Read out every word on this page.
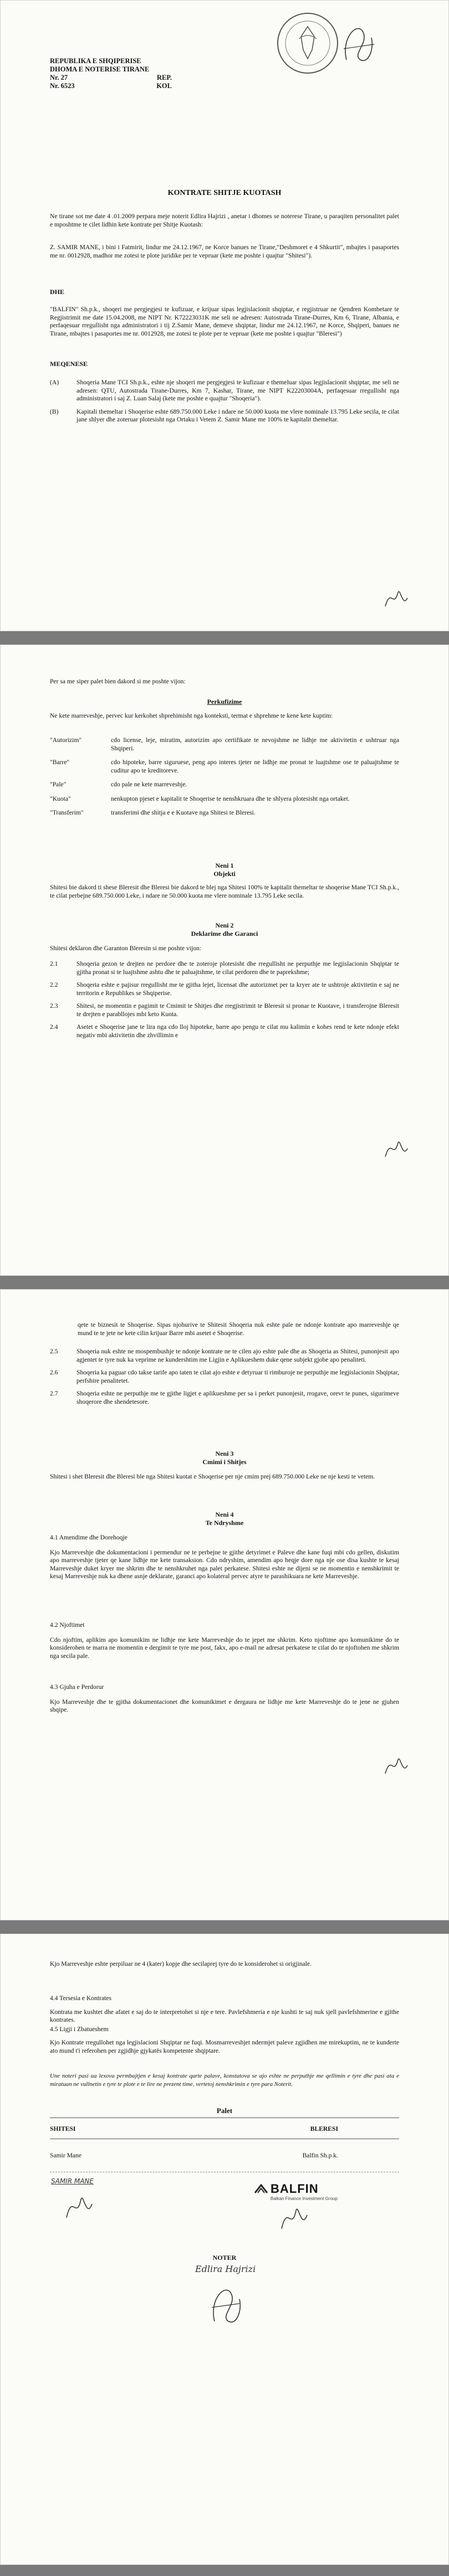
REPUBLIKA E SHQIPERISE
DHOMA E NOTERISE TIRANE
Nr. 27	REP.
Nr. 6523	KOL
KONTRATE SHITJE KUOTASH

Ne tirane sot me date 4 .01.2009 perpara meje noterit Edlira Hajrizi , anetar i dhomes se noterese Tirane, u paraqiten personalitet palet e mposhtme te cilet lidhin kete kontrate per Shitje Kuotash:

Z. SAMIR MANE, i bini i Fatmirit, lindur me 24.12.1967, ne Korce banues ne Tirane,"Deshmoret e 4 Shkurtit", mbajtes i pasaportes me nr. 0012928, madhor me zotesi te plote juridike per te vepruar (kete me poshte i quajtur "Shitesi").

DHE

"BALFIN" Sh.p.k., shoqeri me pergjegjesi te kufizuar, e krijuar sipas legjislacionit shqiptar, e regjistruar ne Qendren Kombetare te Regjistrimit me date 15.04.2008, me NIPT Nr. K72223031K me seli ne adresen: Autostrada Tirane-Durres, Km 6, Tirane, Albania, e perfaqesuar rregullisht nga administratori i tij Z.Samir Mane, demeve shqiptar, lindur me 24.12.1967, ne Korce, Shqiperi, banues ne Tirane, mbajtes i pasaportes me nr. 0012928, me zotesi te plote per te vepruar (kete me poshte i quajtur "Bleresi")

MEQENESE
(A)	Shoqeria Mane TCI Sh.p.k., eshte nje shoqeri me pergjegjesi te kufizuar e themeluar sipas legjislacionit shqiptar, me seli ne adresen: QTU, Autostrada Tirane-Durres, Km 7, Kashar, Tirane, me NIPT K22203004A, perfaqesuar rregullisht nga administratori i saj Z. Luan Salaj (kete me poshte e quajtur "Shoqeria").

(B)	Kapitali themeltar i Shoqerise eshte 689.750.000 Leke i ndare ne 50.000 kuota me vlere nominale 13.795 Leke secila, te cilat jane shlyer dhe zoteruar plotesisht nga Ortaku i Vetem Z. Samir Mane me 100% te kapitalit themeltar.

Per sa me siper palet bien dakord si me poshte vijon:

Perkufizime

Ne kete marreveshje, pervec kur kerkohet shprehimisht nga konteksti, termat e shprehme te kene kete kuptim:

"Autorizim"	cdo license, leje, miratim, autorizim apo certifikate te nevojshme ne lidhje me aktivitetin e ushtruar nga Shqiperi.

"Barre"	cdo hipoteke, barre siguruese, peng apo interes tjeter ne lidhje me pronat te luajtshme ose te paluajtshme te cuditur apo te kreditoreve.

"Pale"	cdo pale ne kete marreveshje.

"Kuota"	nenkupton pjeset e kapitalit te Shoqerise te nenshkruara dhe te shlyera plotesisht nga ortaket.

"Transferim"	transferimi dhe shitja e e Kuotave nga Shitesi te Bleresi.

Neni 1
Objekti

Shitesi bie dakord ti shese Bleresit dhe Bleresi bie dakord te blej nga Shitesi 100% te kapitalit themeltar te shoqerise Mane TCI Sh.p.k., te cilat perbejne 689.750.000 Leke, i ndare ne 50.000 kuota me vlere nominale 13.795 Leke secila.

Neni 2
Deklarime dhe Garanci

Shitesi deklaron dhe Garanton Bleresin si me poshte vijon:

2.1	Shoqeria gezon te drejten ne perdore dhe te zoteroje plotesisht dhe rregullisht ne perputhje me legjislacionin Shqiptar te gjitha pronat si te luajtshme ashtu dhe te paluajtshme, te cilat perdoren dhe te paprekshme;

2.2	Shoqeria eshte e pajisur rregullisht me te gjitha lejet, licensat dhe autorizmet per ta kryer ate te ushtroje aktivitetin e saj ne territorin e Republikes se Shqiperise.

2.3	Shitesi, ne momentin e pagimit te Cmimit te Shitjes dhe rregjistrimit te Bleresit si pronar te Kuotave, i transferojne Bleresit te drejten e parabllojes mbi keto Kuota.

2.4	Asetet e Shoqerise jane te lira nga cdo lloj hipoteke, barre apo pengu te cilat mu kalimin e kohes rend te kete ndonje efekt negativ mbi aktivitetin dhe zhvillimin e

qete te biznesit te Shoqerise. Sipas njohurive te Shitesit Shoqeria nuk eshte pale ne ndonje kontrate apo marreveshje qe mund te te jete ne kete cilin krijuar Barre mbi asetet e Shoqerise.

2.5	Shoqeria nuk eshte ne mospembushje te ndonje kontrate ne te cilen ajo eshte pale dhe as Shoqeria as Shitesi, punonjesit apo agjentet te tyre nuk ka veprime ne kundershtim me Ligjin e Aplikueshem duke qene subjekt gjobe apo penaliteti.

2.6	Shoqeria ka paguar cdo takse tarife apo taten te cilat ajo eshte e detyruar ti rimburoje ne perputhje me legjislacionin Shqiptar, perfshire penalitetet.

2.7	Shoqeria eshte ne perputhje me te gjithe ligjet e aplikueshme per sa i perket punonjesit, rrogave, orevr te punes, sigurimeve shoqerore dhe shendetesore.

Neni 3
Cmimi i Shitjes

Shitesi i shet Bleresit dhe Bleresi ble nga Shitesi kuotat e Shoqerise per nje cmim prej 689.750.000 Leke ne nje kesti te vetem.

Neni 4
Te Ndryshme

4.1 Amendime dhe Dorehoqje

Kjo Marreveshje dhe dokumentacioni i permendur ne te perbejne te gjithe detyrimet e Paleve dhe kane fuqi mbi cdo gellen, diskutim apo marreveshje tjeter qe kane lidhje me kete transaksion. Cdo ndryshim, amendim apo heqje dore nga nje ose disa kushte te kesaj Marreveshje duket kryer me shkrim dhe te nenshkruhet nga palet perkatese. Shitesi eshte ne dijeni se ne momentin e nenshkrimit te kesaj Marreveshje nuk ka dhene asnje deklarate, garanci apo kolateral pervec atyre te parashikuara ne kete Marreveshje.

4.2 Njoftimet

Cdo njoftim, aplikim apo komunikim ne lidhje me kete Marreveshje do te jepet me shkrim. Keto njoftime apo komunikime do te konsiderohen te marra ne momentin e dergimit te tyre me post, fakx, apo e-mail ne adresat perkatese te cilat do te njoftohen me shkrim nga secila pale.

4.3 Gjuha e Perdorur

Kjo Marreveshje dhe te gjitha dokumentacionet dhe komunikimet e dergaura ne lidhje me kete Marreveshje do te jene ne gjuhen shqipe.

Kjo Marreveshje eshte perpiluar ne 4 (kater) kopje dhe secilaprej tyre do te konsiderohet si origjinale.

4.4 Tersesia e Kontrates

Kontrata me kushtet dhe afatet e saj do te interpretohet si nje e tere. Pavlefshmeria e nje kushti te saj nuk sjell pavlefshmerine e gjithe kontrates.

4.5 Ligji i Zbatueshem

Kjo Kontrate rregullohet nga legjislacioni Shqiptar ne fuqi. Mosmarreveshjet ndermjet paleve zgjidhen me mirekuptim, ne te kunderte ato mund t'i referohen per zgjidhje gjykatës kompetente shqiptare.

Une noteri pasi ua lexova permbajtjen e kesaj kontrate qarte palave, konstatova se ajo eshte ne perputhje me qellimin e tyre dhe pasi ata e miratuan ne vullnetin e tyre te plote e te lire ne prezent time, vertetoj nenshkrimin e tyre para Noterit.

Palet
SHITESI	BLERESI
Samir Mane	Balfin Sh.p.k.
SAMIR MANE
BALFIN
Balkan Finance Investment Group
NOTER
Edlira Hajrizi
